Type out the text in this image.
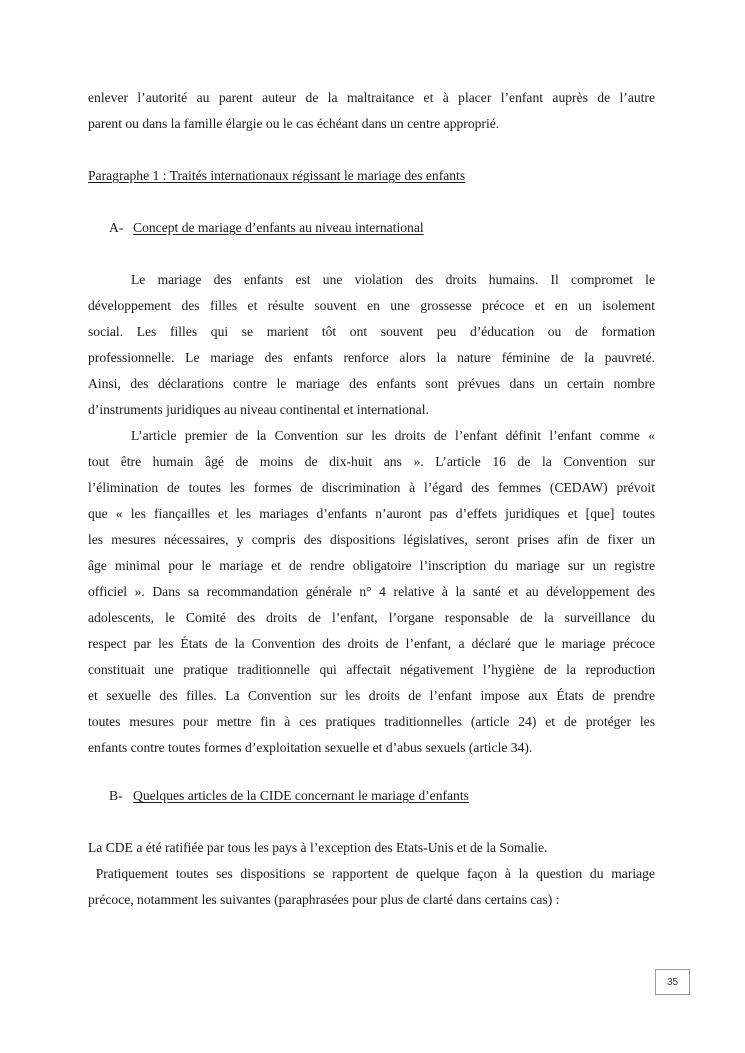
enlever l’autorité au parent auteur de la maltraitance et à placer l’enfant auprès de l’autre

parent ou dans la famille élargie ou le cas échéant dans un centre approprié.

Paragraphe 1 : Traités internationaux régissant le mariage des enfants

A- Concept de mariage d’enfants au niveau international

Le mariage des enfants est une violation des droits humains. Il compromet le

développement des filles et résulte souvent en une grossesse précoce et en un isolement

social. Les filles qui se marient tôt ont souvent peu d’éducation ou de formation

professionnelle. Le mariage des enfants renforce alors la nature féminine de la pauvreté.

Ainsi, des déclarations contre le mariage des enfants sont prévues dans un certain nombre

d’instruments juridiques au niveau continental et international.

L’article premier de la Convention sur les droits de l’enfant définit l’enfant comme «

tout être humain âgé de moins de dix-huit ans ». L’article 16 de la Convention sur

l’élimination de toutes les formes de discrimination à l’égard des femmes (CEDAW) prévoit

que « les fiançailles et les mariages d’enfants n’auront pas d’effets juridiques et [que] toutes

les mesures nécessaires, y compris des dispositions législatives, seront prises afin de fixer un

âge minimal pour le mariage et de rendre obligatoire l’inscription du mariage sur un registre

officiel ». Dans sa recommandation générale n° 4 relative à la santé et au développement des

adolescents, le Comité des droits de l’enfant, l’organe responsable de la surveillance du

respect par les États de la Convention des droits de l’enfant, a déclaré que le mariage précoce

constituait une pratique traditionnelle qui affectait négativement l’hygiène de la reproduction

et sexuelle des filles. La Convention sur les droits de l’enfant impose aux États de prendre

toutes mesures pour mettre fin à ces pratiques traditionnelles (article 24) et de protéger les

enfants contre toutes formes d’exploitation sexuelle et d’abus sexuels (article 34).

B- Quelques articles de la CIDE concernant le mariage d’enfants

La CDE a été ratifiée par tous les pays à l’exception des Etats-Unis et de la Somalie.

Pratiquement toutes ses dispositions se rapportent de quelque façon à la question du mariage

précoce, notamment les suivantes (paraphrasées pour plus de clarté dans certains cas) :

35
